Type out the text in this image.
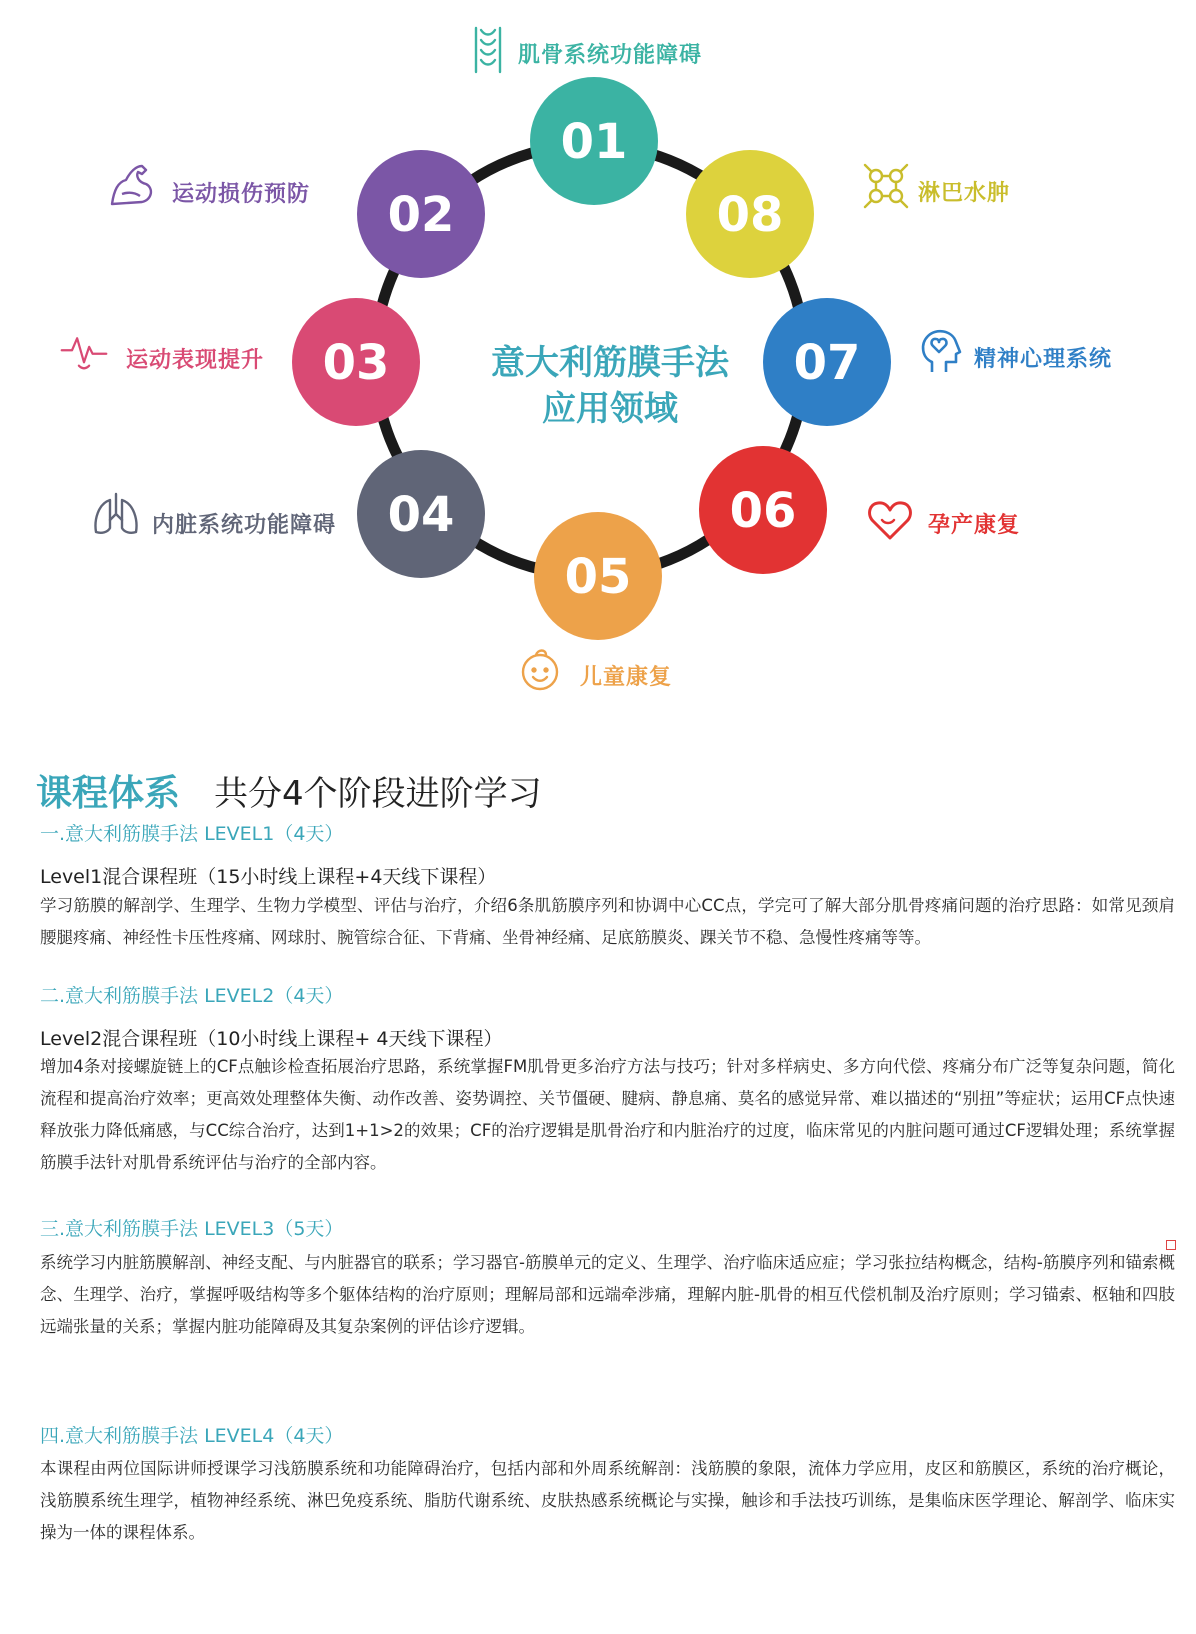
01
02
03
04
05
06
07
08
意大利筋膜手法
应用领域
肌骨系统功能障碍
运动损伤预防
运动表现提升
内脏系统功能障碍
儿童康复
孕产康复
精神心理系统
淋巴水肿
课程体系 共分4个阶段进阶学习
一.意大利筋膜手法 LEVEL1（4天）
Level1混合课程班（15小时线上课程+4天线下课程）
学习筋膜的解剖学、生理学、生物力学模型、评估与治疗，介绍6条肌筋膜序列和协调中心CC点，学完可了解大部分肌骨疼痛问题的治疗思路：如常见颈肩腰腿疼痛、神经性卡压性疼痛、网球肘、腕管综合征、下背痛、坐骨神经痛、足底筋膜炎、踝关节不稳、急慢性疼痛等等。
二.意大利筋膜手法 LEVEL2（4天）
Level2混合课程班（10小时线上课程+ 4天线下课程）
增加4条对接螺旋链上的CF点触诊检查拓展治疗思路，系统掌握FM肌骨更多治疗方法与技巧；针对多样病史、多方向代偿、疼痛分布广泛等复杂问题，简化流程和提高治疗效率；更高效处理整体失衡、动作改善、姿势调控、关节僵硬、腱病、静息痛、莫名的感觉异常、难以描述的“别扭”等症状；运用CF点快速释放张力降低痛感，与CC综合治疗，达到1+1>2的效果；CF的治疗逻辑是肌骨治疗和内脏治疗的过度，临床常见的内脏问题可通过CF逻辑处理；系统掌握筋膜手法针对肌骨系统评估与治疗的全部内容。
三.意大利筋膜手法 LEVEL3（5天）
系统学习内脏筋膜解剖、神经支配、与内脏器官的联系；学习器官-筋膜单元的定义、生理学、治疗临床适应症；学习张拉结构概念，结构-筋膜序列和锚索概念、生理学、治疗，掌握呼吸结构等多个躯体结构的治疗原则；理解局部和远端牵涉痛，理解内脏-肌骨的相互代偿机制及治疗原则；学习锚索、枢轴和四肢远端张量的关系；掌握内脏功能障碍及其复杂案例的评估诊疗逻辑。
四.意大利筋膜手法 LEVEL4（4天）
本课程由两位国际讲师授课学习浅筋膜系统和功能障碍治疗，包括内部和外周系统解剖：浅筋膜的象限，流体力学应用，皮区和筋膜区，系统的治疗概论，浅筋膜系统生理学，植物神经系统、淋巴免疫系统、脂肪代谢系统、皮肤热感系统概论与实操，触诊和手法技巧训练，是集临床医学理论、解剖学、临床实操为一体的课程体系。
